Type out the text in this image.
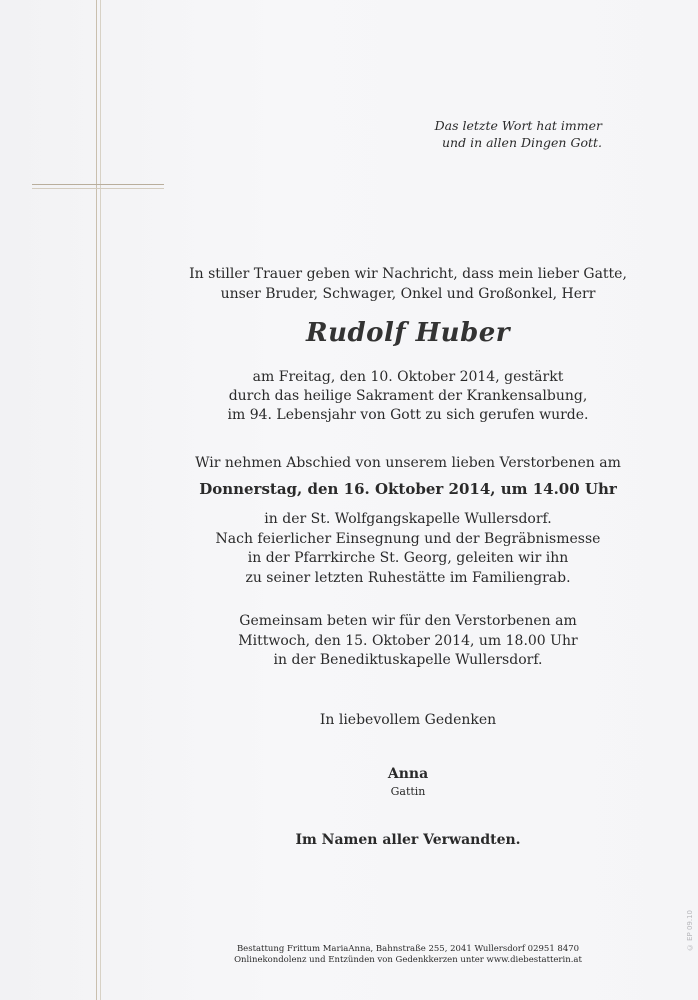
Das letzte Wort hat immer
und in allen Dingen Gott.
In stiller Trauer geben wir Nachricht, dass mein lieber Gatte,
unser Bruder, Schwager, Onkel und Großonkel, Herr
Rudolf Huber
am Freitag, den 10. Oktober 2014, gestärkt
durch das heilige Sakrament der Krankensalbung,
im 94. Lebensjahr von Gott zu sich gerufen wurde.
Wir nehmen Abschied von unserem lieben Verstorbenen am
Donnerstag, den 16. Oktober 2014, um 14.00 Uhr
in der St. Wolfgangskapelle Wullersdorf.
Nach feierlicher Einsegnung und der Begräbnismesse
in der Pfarrkirche St. Georg, geleiten wir ihn
zu seiner letzten Ruhestätte im Familiengrab.
Gemeinsam beten wir für den Verstorbenen am
Mittwoch, den 15. Oktober 2014, um 18.00 Uhr
in der Benediktuskapelle Wullersdorf.
In liebevollem Gedenken
Anna
Gattin
Im Namen aller Verwandten.
Bestattung Frittum MariaAnna, Bahnstraße 255, 2041 Wullersdorf 02951 8470
Onlinekondolenz und Entzünden von Gedenkkerzen unter www.diebestatterin.at
© EP 09.10
